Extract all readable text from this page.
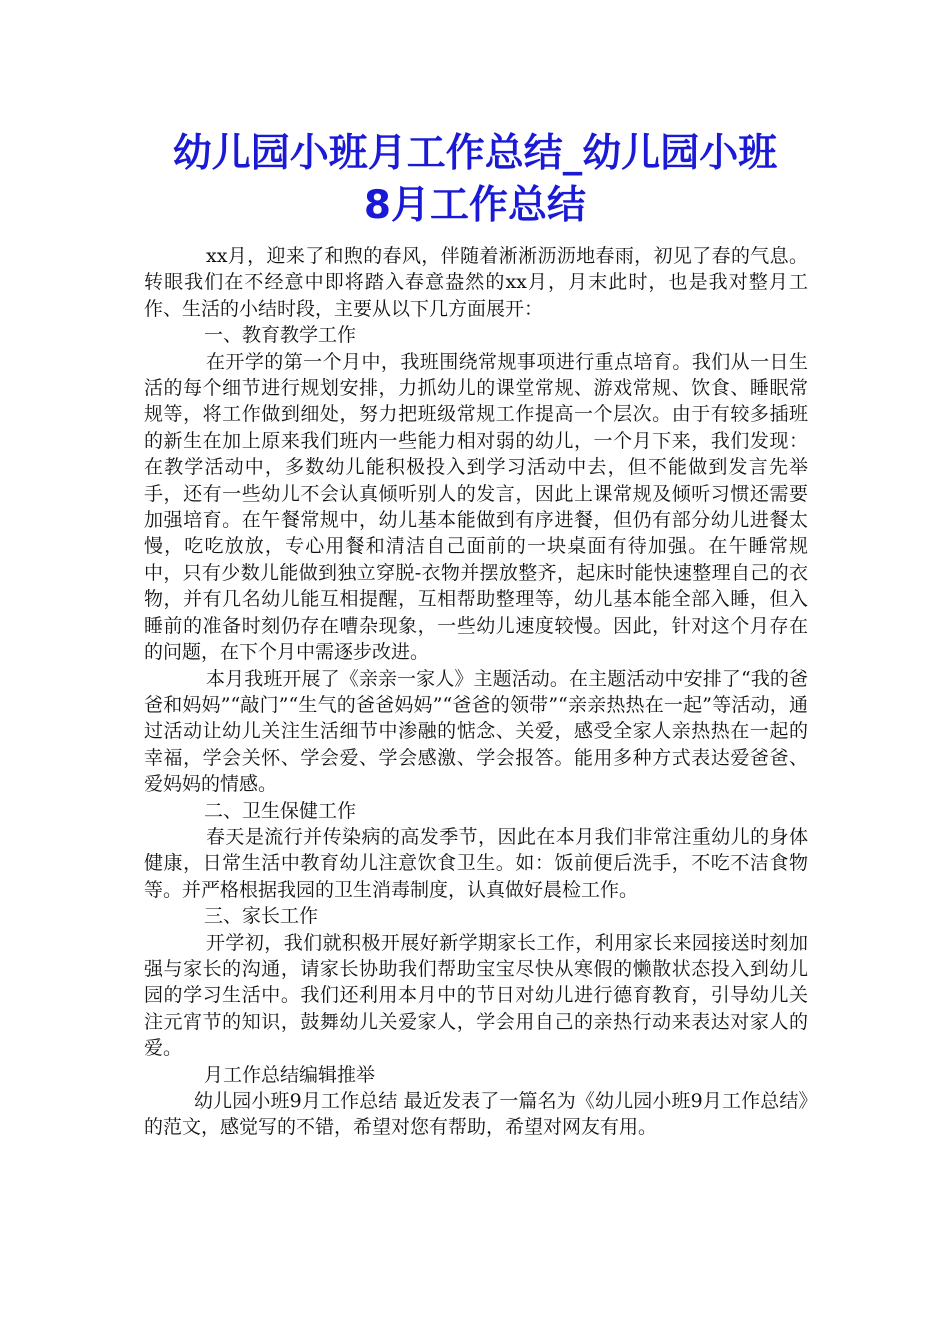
幼儿园小班月工作总结_幼儿园小班
8月工作总结

xx月，迎来了和煦的春风，伴随着淅淅沥沥地春雨，初见了春的气息。转眼我们在不经意中即将踏入春意盎然的xx月，月末此时，也是我对整月工作、生活的小结时段，主要从以下几方面展开：

一、教育教学工作

在开学的第一个月中，我班围绕常规事项进行重点培育。我们从一日生活的每个细节进行规划安排，力抓幼儿的课堂常规、游戏常规、饮食、睡眠常规等，将工作做到细处，努力把班级常规工作提高一个层次。由于有较多插班的新生在加上原来我们班内一些能力相对弱的幼儿，一个月下来，我们发现：在教学活动中，多数幼儿能积极投入到学习活动中去，但不能做到发言先举手，还有一些幼儿不会认真倾听别人的发言，因此上课常规及倾听习惯还需要加强培育。在午餐常规中，幼儿基本能做到有序进餐，但仍有部分幼儿进餐太慢，吃吃放放，专心用餐和清洁自己面前的一块桌面有待加强。在午睡常规中，只有少数儿能做到独立穿脱-衣物并摆放整齐，起床时能快速整理自己的衣物，并有几名幼儿能互相提醒，互相帮助整理等，幼儿基本能全部入睡，但入睡前的准备时刻仍存在嘈杂现象，一些幼儿速度较慢。因此，针对这个月存在的问题，在下个月中需逐步改进。

本月我班开展了《亲亲一家人》主题活动。在主题活动中安排了“我的爸爸和妈妈”“敲门”“生气的爸爸妈妈”“爸爸的领带”“亲亲热热在一起”等活动，通过活动让幼儿关注生活细节中渗融的惦念、关爱，感受全家人亲热热在一起的幸福，学会关怀、学会爱、学会感激、学会报答。能用多种方式表达爱爸爸、爱妈妈的情感。

二、卫生保健工作

春天是流行并传染病的高发季节，因此在本月我们非常注重幼儿的身体健康，日常生活中教育幼儿注意饮食卫生。如：饭前便后洗手，不吃不洁食物等。并严格根据我园的卫生消毒制度，认真做好晨检工作。

三、家长工作

开学初，我们就积极开展好新学期家长工作，利用家长来园接送时刻加强与家长的沟通，请家长协助我们帮助宝宝尽快从寒假的懒散状态投入到幼儿园的学习生活中。我们还利用本月中的节日对幼儿进行德育教育，引导幼儿关注元宵节的知识，鼓舞幼儿关爱家人，学会用自己的亲热行动来表达对家人的爱。

月工作总结编辑推举

幼儿园小班9月工作总结 最近发表了一篇名为《幼儿园小班9月工作总结》的范文，感觉写的不错，希望对您有帮助，希望对网友有用。
